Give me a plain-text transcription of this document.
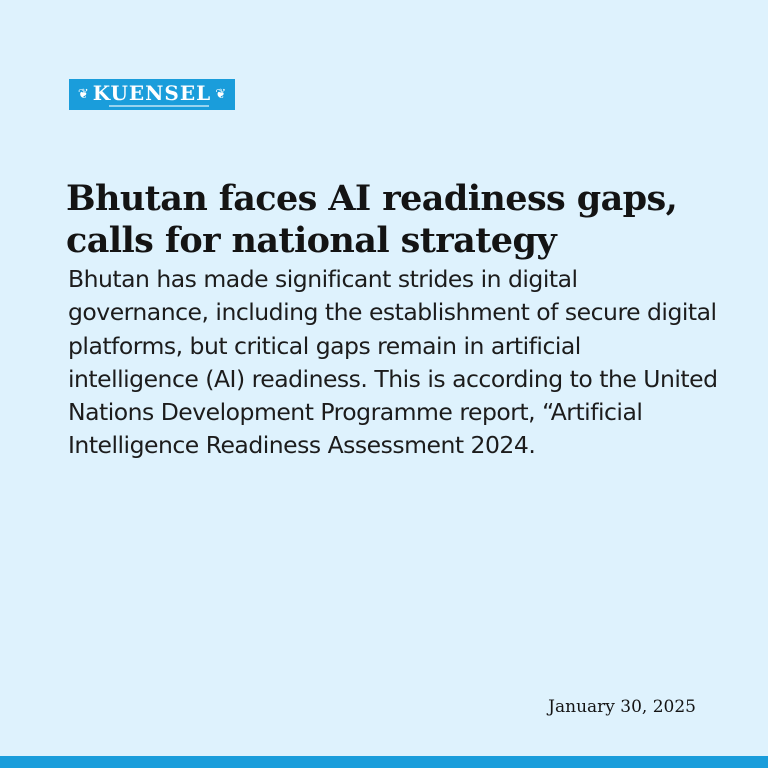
❦ KUENSEL ❦
Bhutan faces AI readiness gaps, calls for national strategy

Bhutan has made significant strides in digital governance, including the establishment of secure digital platforms, but critical gaps remain in artificial intelligence (AI) readiness. This is according to the United Nations Development Programme report, “Artificial Intelligence Readiness Assessment 2024.

January 30, 2025
